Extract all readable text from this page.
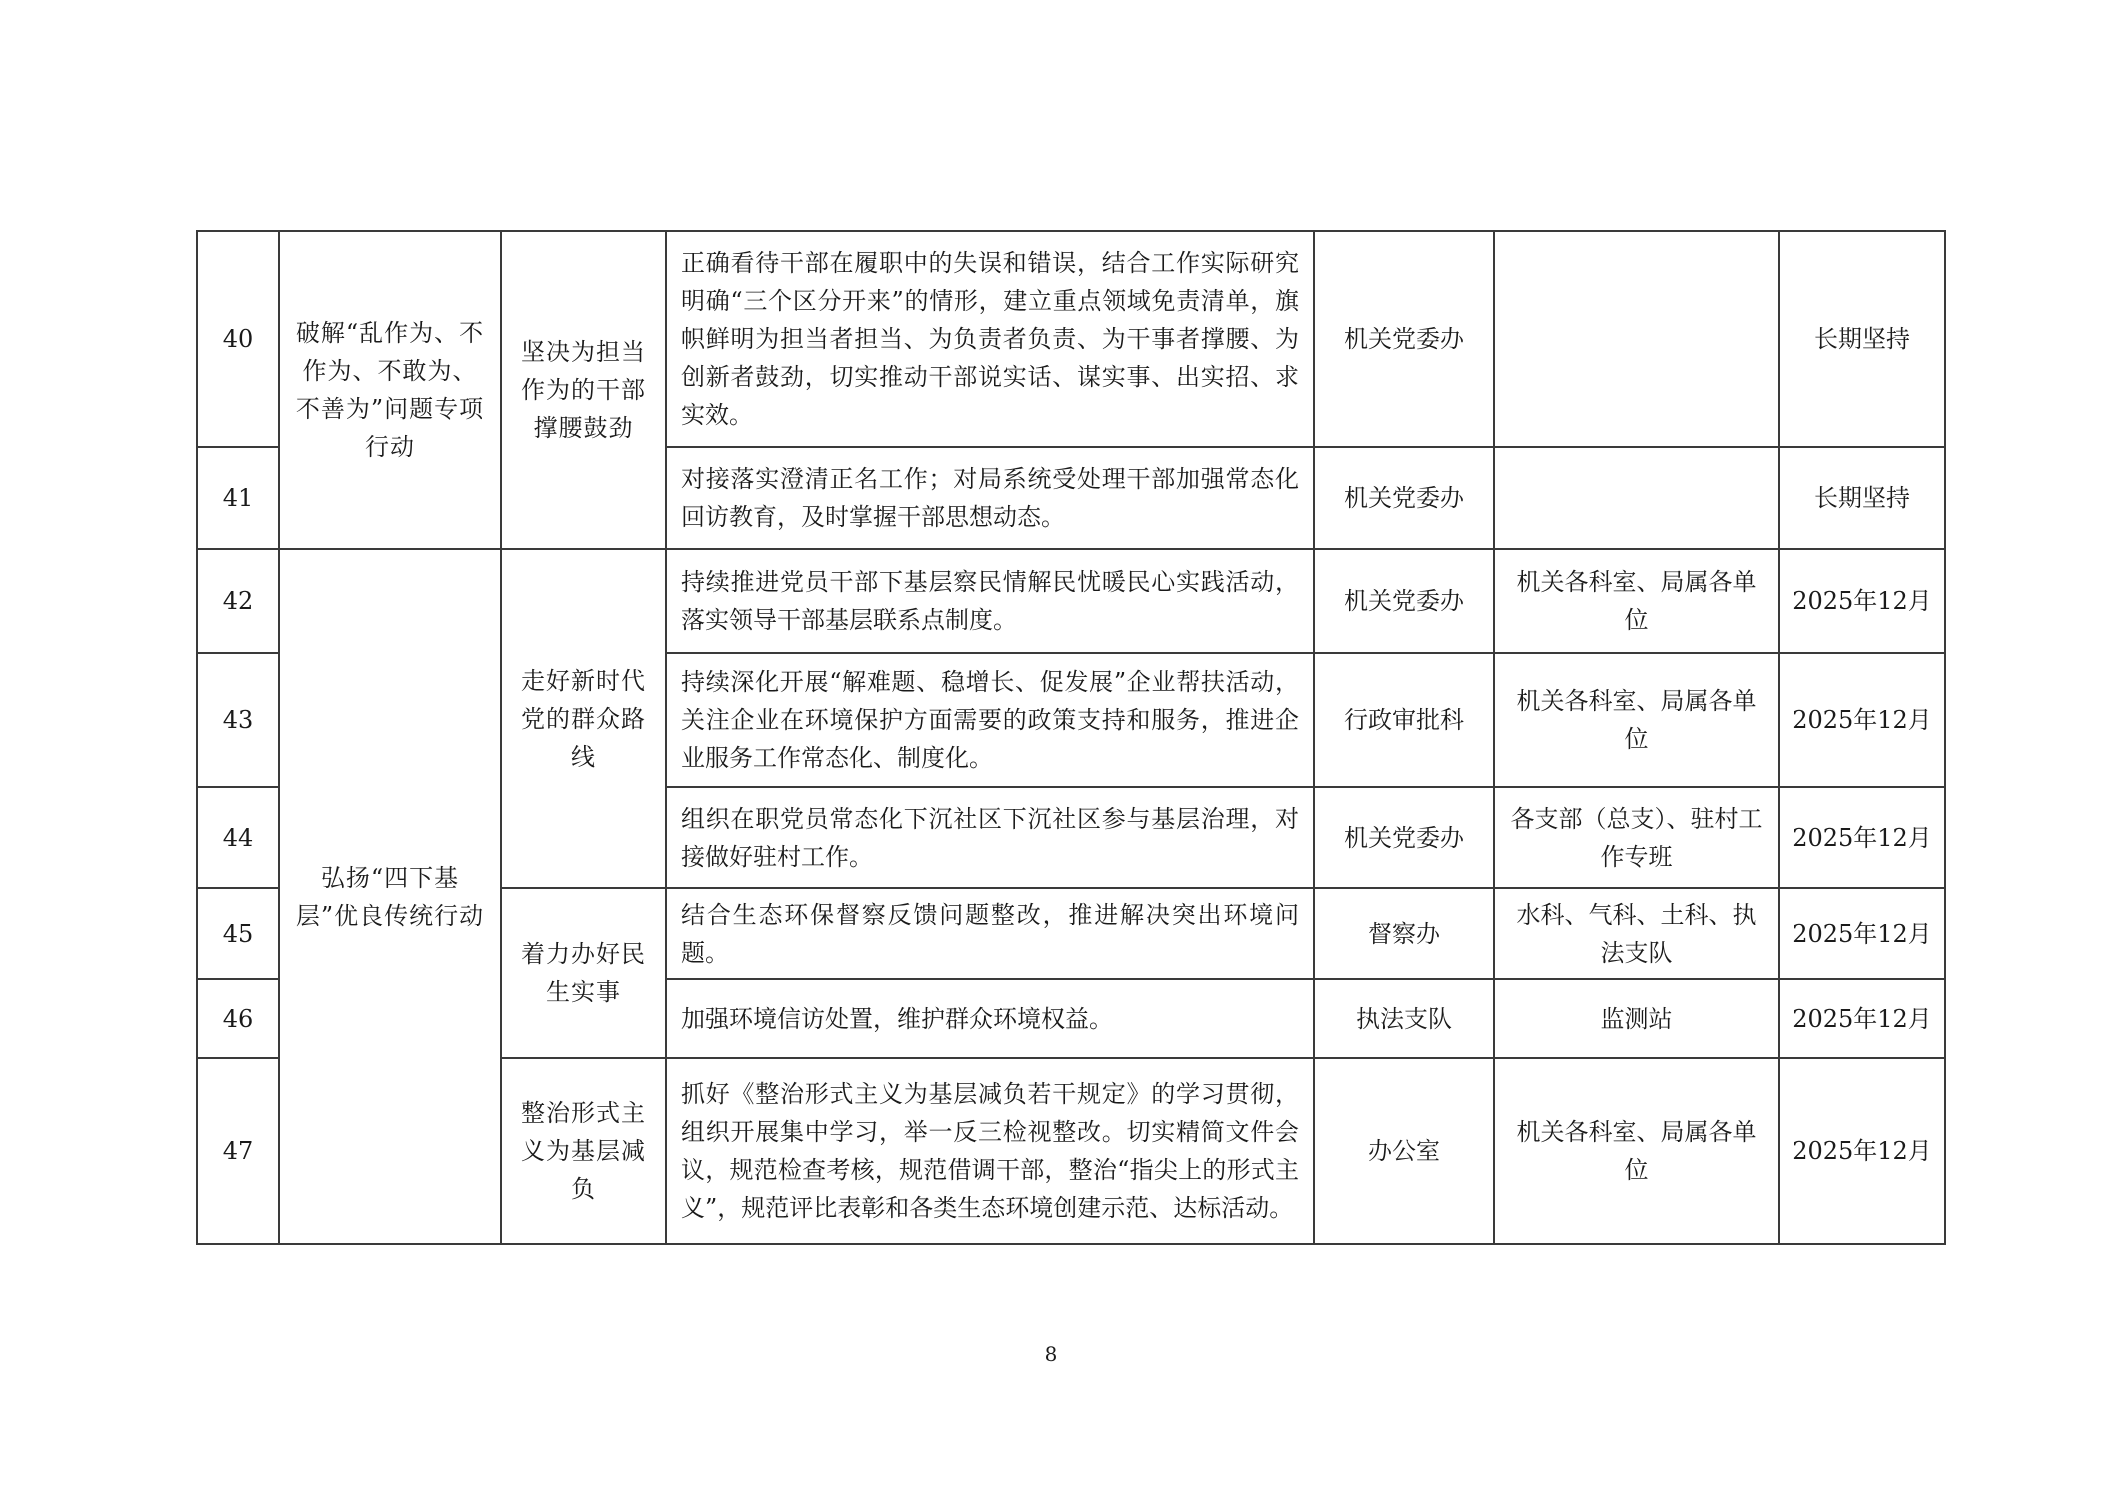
40	破解“乱作为、不作为、不敢为、不善为”问题专项行动	坚决为担当作为的干部撑腰鼓劲	正确看待干部在履职中的失误和错误，结合工作实际研究明确“三个区分开来”的情形，建立重点领域免责清单，旗帜鲜明为担当者担当、为负责者负责、为干事者撑腰、为创新者鼓劲，切实推动干部说实话、谋实事、出实招、求实效。	机关党委办		长期坚持
41			对接落实澄清正名工作；对局系统受处理干部加强常态化回访教育，及时掌握干部思想动态。	机关党委办		长期坚持
42	弘扬“四下基层”优良传统行动	走好新时代党的群众路线	持续推进党员干部下基层察民情解民忧暖民心实践活动，落实领导干部基层联系点制度。	机关党委办	机关各科室、局属各单位	2025年12月
43			持续深化开展“解难题、稳增长、促发展”企业帮扶活动，关注企业在环境保护方面需要的政策支持和服务，推进企业服务工作常态化、制度化。	行政审批科	机关各科室、局属各单位	2025年12月
44			组织在职党员常态化下沉社区下沉社区参与基层治理，对接做好驻村工作。	机关党委办	各支部（总支）、驻村工作专班	2025年12月
45		着力办好民生实事	结合生态环保督察反馈问题整改，推进解决突出环境问题。	督察办	水科、气科、土科、执法支队	2025年12月
46			加强环境信访处置，维护群众环境权益。	执法支队	监测站	2025年12月
47		整治形式主义为基层减负	抓好《整治形式主义为基层减负若干规定》的学习贯彻，组织开展集中学习，举一反三检视整改。切实精简文件会议，规范检查考核，规范借调干部，整治“指尖上的形式主义”，规范评比表彰和各类生态环境创建示范、达标活动。	办公室	机关各科室、局属各单位	2025年12月
8
